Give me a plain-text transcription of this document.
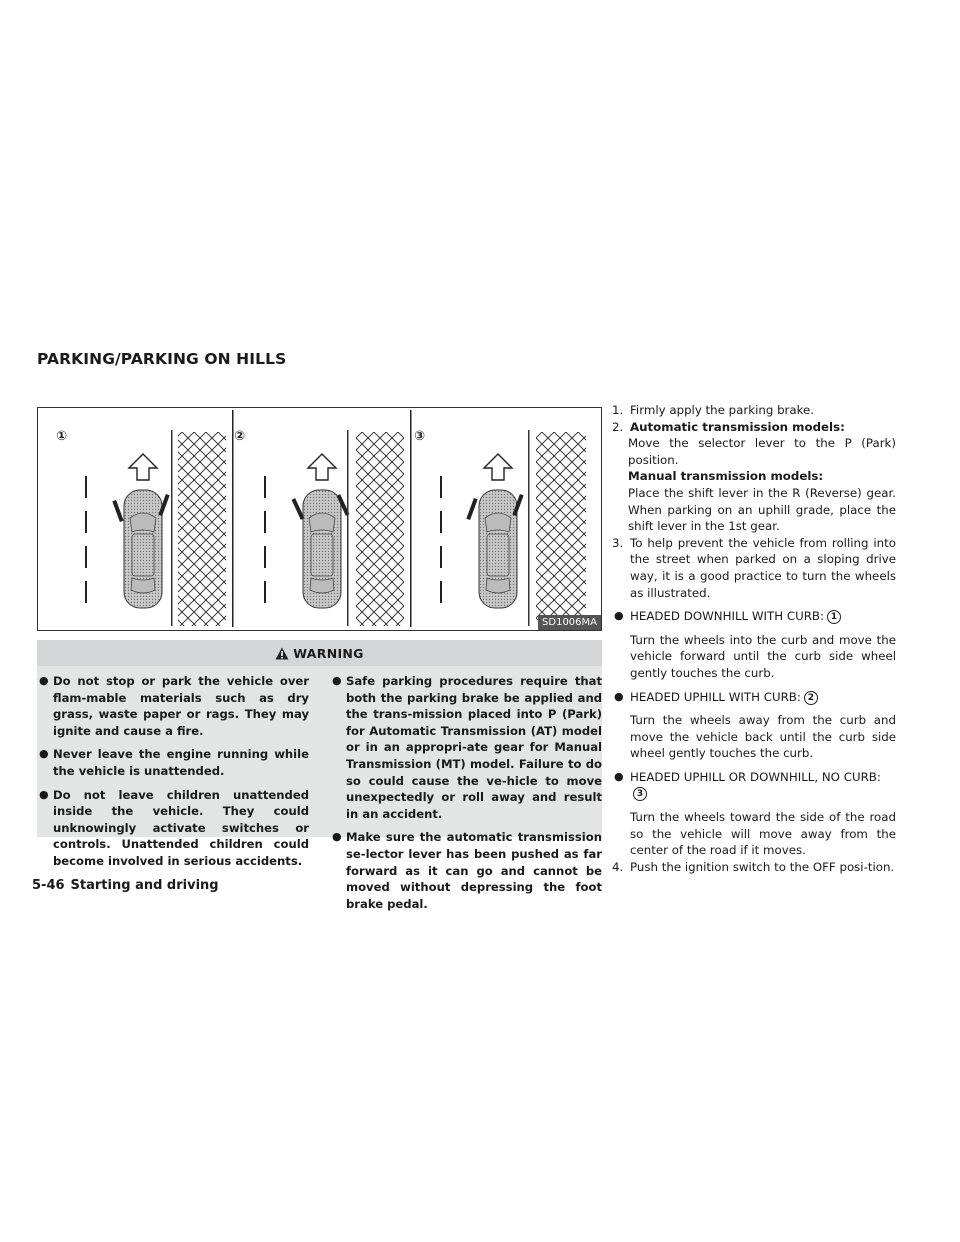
PARKING/PARKING ON HILLS
①	②	③
SD1006MA
WARNING
● Do not stop or park the vehicle over flam-mable materials such as dry grass, waste paper or rags. They may ignite and cause a fire.
● Never leave the engine running while the vehicle is unattended.
● Do not leave children unattended inside the vehicle. They could unknowingly activate switches or controls. Unattended children could become involved in serious accidents.
● Safe parking procedures require that both the parking brake be applied and the trans-mission placed into P (Park) for Automatic Transmission (AT) model or in an appropri-ate gear for Manual Transmission (MT) model. Failure to do so could cause the ve-hicle to move unexpectedly or roll away and result in an accident.
● Make sure the automatic transmission se-lector lever has been pushed as far forward as it can go and cannot be moved without depressing the foot brake pedal.
1. Firmly apply the parking brake.
2. Automatic transmission models:
Move the selector lever to the P (Park) position.
Manual transmission models:
Place the shift lever in the R (Reverse) gear. When parking on an uphill grade, place the shift lever in the 1st gear.
3. To help prevent the vehicle from rolling into the street when parked on a sloping drive way, it is a good practice to turn the wheels as illustrated.
● HEADED DOWNHILL WITH CURB: 1
Turn the wheels into the curb and move the vehicle forward until the curb side wheel gently touches the curb.
● HEADED UPHILL WITH CURB: 2
Turn the wheels away from the curb and move the vehicle back until the curb side wheel gently touches the curb.
● HEADED UPHILL OR DOWNHILL, NO CURB:3
Turn the wheels toward the side of the road so the vehicle will move away from the center of the road if it moves.
4. Push the ignition switch to the OFF posi-tion.
5-46 Starting and driving
